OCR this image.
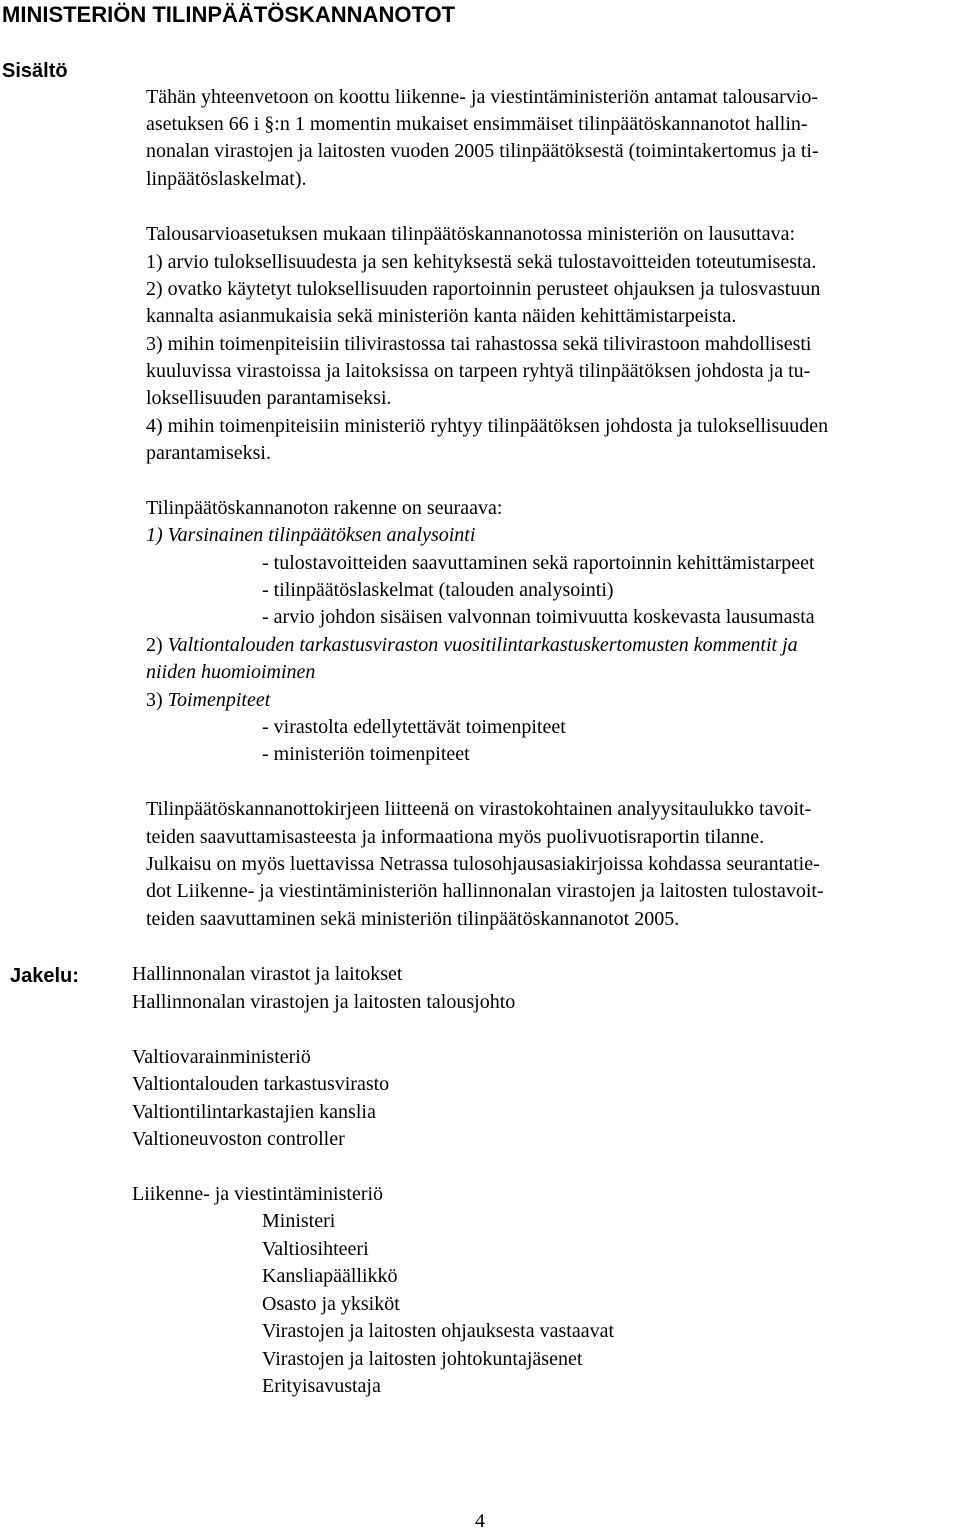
MINISTERIÖN TILINPÄÄTÖSKANNANOTOT
Sisältö
Tähän yhteenvetoon on koottu liikenne- ja viestintäministeriön antamat talousarvio-
asetuksen 66 i §:n 1 momentin mukaiset ensimmäiset tilinpäätöskannanotot hallin-
nonalan virastojen ja laitosten vuoden 2005 tilinpäätöksestä (toimintakertomus ja ti-
linpäätöslaskelmat).
Talousarvioasetuksen mukaan tilinpäätöskannanotossa ministeriön on lausuttava:
1) arvio tuloksellisuudesta ja sen kehityksestä sekä tulostavoitteiden toteutumisesta.
2) ovatko käytetyt tuloksellisuuden raportoinnin perusteet ohjauksen ja tulosvastuun
kannalta asianmukaisia sekä ministeriön kanta näiden kehittämistarpeista.
3) mihin toimenpiteisiin tilivirastossa tai rahastossa sekä tilivirastoon mahdollisesti
kuuluvissa virastoissa ja laitoksissa on tarpeen ryhtyä tilinpäätöksen johdosta ja tu-
loksellisuuden parantamiseksi.
4) mihin toimenpiteisiin ministeriö ryhtyy tilinpäätöksen johdosta ja tuloksellisuuden
parantamiseksi.
Tilinpäätöskannanoton rakenne on seuraava:
1) Varsinainen tilinpäätöksen analysointi
- tulostavoitteiden saavuttaminen sekä raportoinnin kehittämistarpeet
- tilinpäätöslaskelmat (talouden analysointi)
- arvio johdon sisäisen valvonnan toimivuutta koskevasta lausumasta
2) Valtiontalouden tarkastusviraston vuositilintarkastuskertomusten kommentit ja
niiden huomioiminen
3) Toimenpiteet
- virastolta edellytettävät toimenpiteet
- ministeriön toimenpiteet
Tilinpäätöskannanottokirjeen liitteenä on virastokohtainen analyysitaulukko tavoit-
teiden saavuttamisasteesta ja informaationa myös puolivuotisraportin tilanne.
Julkaisu on myös luettavissa Netrassa tulosohjausasiakirjoissa kohdassa seurantatie-
dot Liikenne- ja viestintäministeriön hallinnonalan virastojen ja laitosten tulostavoit-
teiden saavuttaminen sekä ministeriön tilinpäätöskannanotot 2005.
Jakelu:	Hallinnonalan virastot ja laitokset
Hallinnonalan virastojen ja laitosten talousjohto
Valtiovarainministeriö
Valtiontalouden tarkastusvirasto
Valtiontilintarkastajien kanslia
Valtioneuvoston controller
Liikenne- ja viestintäministeriö
Ministeri
Valtiosihteeri
Kansliapäällikkö
Osasto ja yksiköt
Virastojen ja laitosten ohjauksesta vastaavat
Virastojen ja laitosten johtokuntajäsenet
Erityisavustaja
4
